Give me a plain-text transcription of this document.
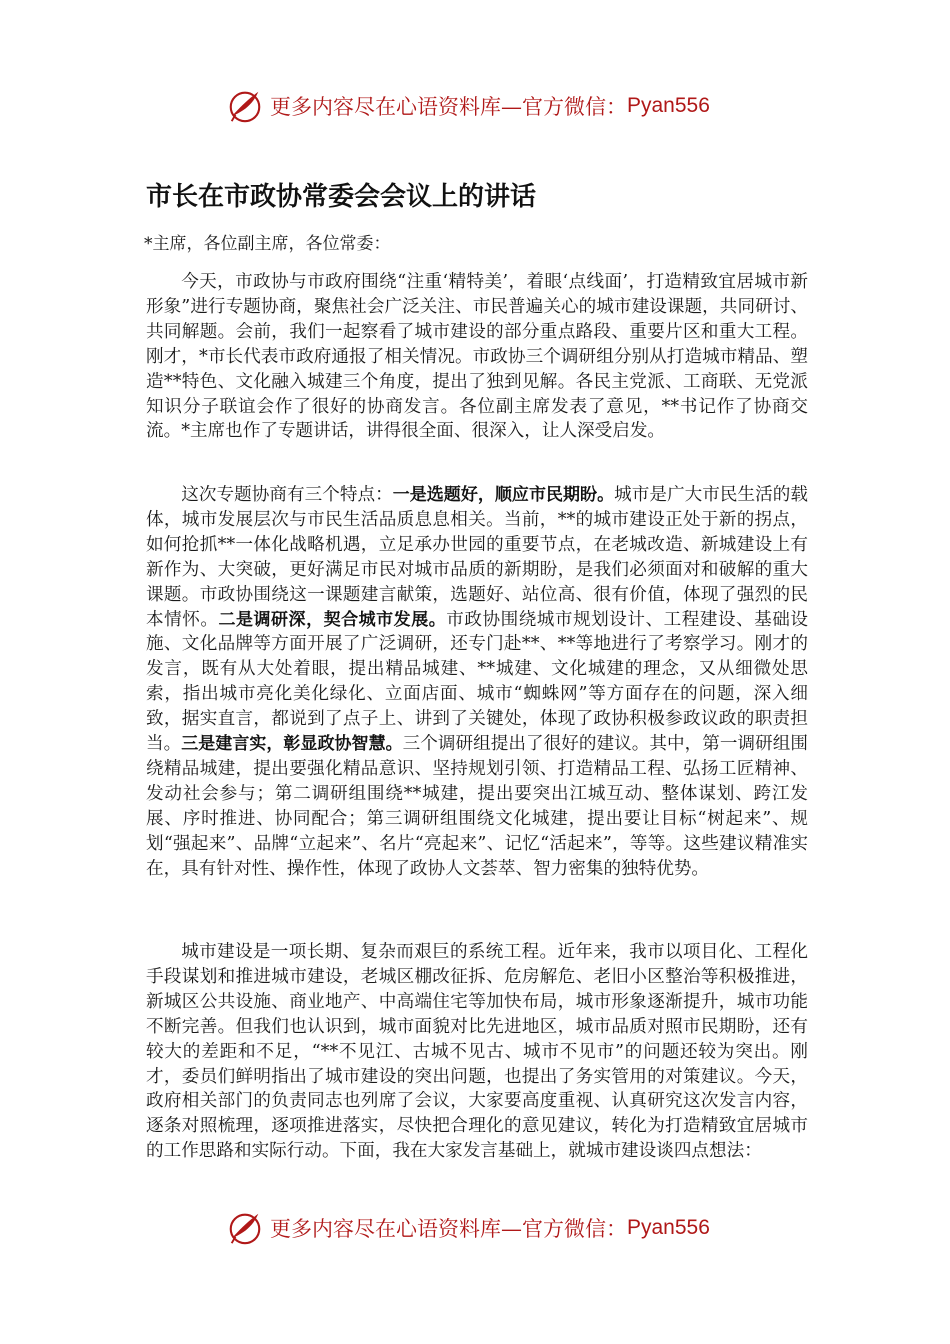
更多内容尽在心语资料库—官方微信： Pyan556
市长在市政协常委会会议上的讲话

*主席，各位副主席，各位常委：

今天，市政协与市政府围绕“注重‘精特美’，着眼‘点线面’，打造精致宜居城市新形象”进行专题协商，聚焦社会广泛关注、市民普遍关心的城市建设课题，共同研讨、共同解题。会前，我们一起察看了城市建设的部分重点路段、重要片区和重大工程。刚才，*市长代表市政府通报了相关情况。市政协三个调研组分别从打造城市精品、塑造**特色、文化融入城建三个角度，提出了独到见解。各民主党派、工商联、无党派知识分子联谊会作了很好的协商发言。各位副主席发表了意见，**书记作了协商交流。*主席也作了专题讲话，讲得很全面、很深入，让人深受启发。

这次专题协商有三个特点：一是选题好，顺应市民期盼。城市是广大市民生活的载体，城市发展层次与市民生活品质息息相关。当前，**的城市建设正处于新的拐点，如何抢抓**一体化战略机遇，立足承办世园的重要节点，在老城改造、新城建设上有新作为、大突破，更好满足市民对城市品质的新期盼，是我们必须面对和破解的重大课题。市政协围绕这一课题建言献策，选题好、站位高、很有价值，体现了强烈的民本情怀。二是调研深，契合城市发展。市政协围绕城市规划设计、工程建设、基础设施、文化品牌等方面开展了广泛调研，还专门赴**、**等地进行了考察学习。刚才的发言，既有从大处着眼，提出精品城建、**城建、文化城建的理念，又从细微处思索，指出城市亮化美化绿化、立面店面、城市“蜘蛛网”等方面存在的问题，深入细致，据实直言，都说到了点子上、讲到了关键处，体现了政协积极参政议政的职责担当。三是建言实，彰显政协智慧。三个调研组提出了很好的建议。其中，第一调研组围绕精品城建，提出要强化精品意识、坚持规划引领、打造精品工程、弘扬工匠精神、发动社会参与；第二调研组围绕**城建，提出要突出江城互动、整体谋划、跨江发展、序时推进、协同配合；第三调研组围绕文化城建，提出要让目标“树起来”、规划“强起来”、品牌“立起来”、名片“亮起来”、记忆“活起来”，等等。这些建议精准实在，具有针对性、操作性，体现了政协人文荟萃、智力密集的独特优势。

城市建设是一项长期、复杂而艰巨的系统工程。近年来，我市以项目化、工程化手段谋划和推进城市建设，老城区棚改征拆、危房解危、老旧小区整治等积极推进，新城区公共设施、商业地产、中高端住宅等加快布局，城市形象逐渐提升，城市功能不断完善。但我们也认识到，城市面貌对比先进地区，城市品质对照市民期盼，还有较大的差距和不足，“**不见江、古城不见古、城市不见市”的问题还较为突出。刚才，委员们鲜明指出了城市建设的突出问题，也提出了务实管用的对策建议。今天，政府相关部门的负责同志也列席了会议，大家要高度重视、认真研究这次发言内容，逐条对照梳理，逐项推进落实，尽快把合理化的意见建议，转化为打造精致宜居城市的工作思路和实际行动。下面，我在大家发言基础上，就城市建设谈四点想法：

更多内容尽在心语资料库—官方微信： Pyan556
